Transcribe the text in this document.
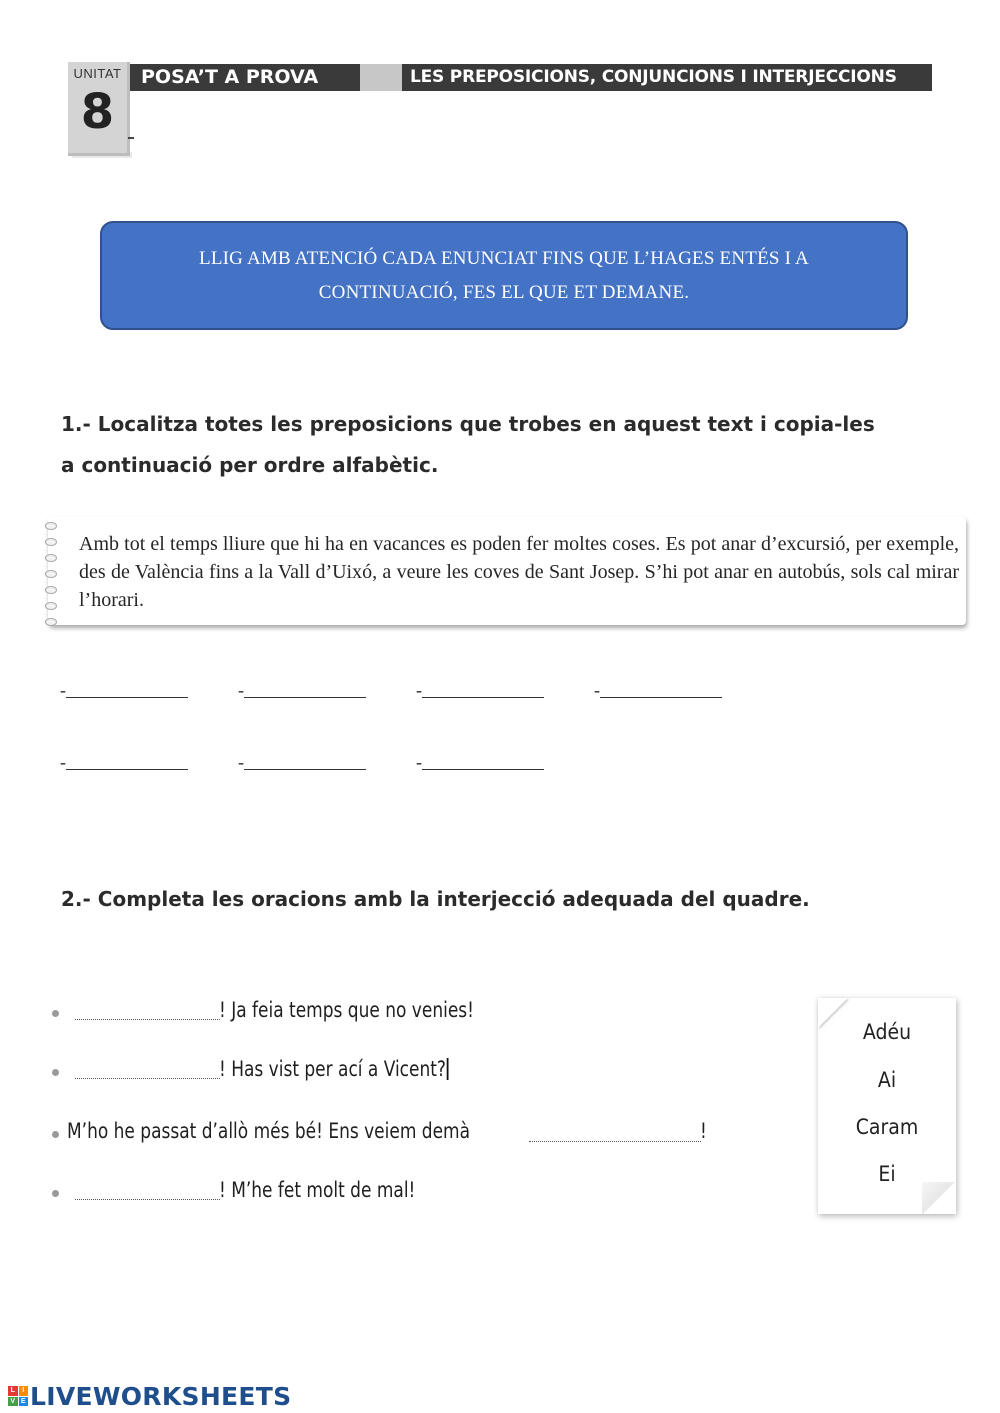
UNITAT
8
POSA’T A PROVA	LES PREPOSICIONS, CONJUNCIONS I INTERJECCIONS
LLIG AMB ATENCIÓ CADA ENUNCIAT FINS QUE L’HAGES ENTÉS I A CONTINUACIÓ, FES EL QUE ET DEMANE.
1.- Localitza totes les preposicions que trobes en aquest text i copia-les a continuació per ordre alfabètic.
Amb tot el temps lliure que hi ha en vacances es poden fer moltes coses. Es pot anar d’excursió, per exemple, des de València fins a la Vall d’Uixó, a veure les coves de Sant Josep. S’hi pot anar en autobús, sols cal mirar l’horari.
-	-	-	-
-	-	-
2.- Completa les oracions amb la interjecció adequada del quadre.
! Ja feia temps que no venies!
! Has vist per ací a Vicent?
M’ho he passat d’allò més bé! Ens veiem demà	!
! M’he fet molt de mal!
Adéu
Ai
Caram
Ei
L	I
V E LIVEWORKSHEETS
